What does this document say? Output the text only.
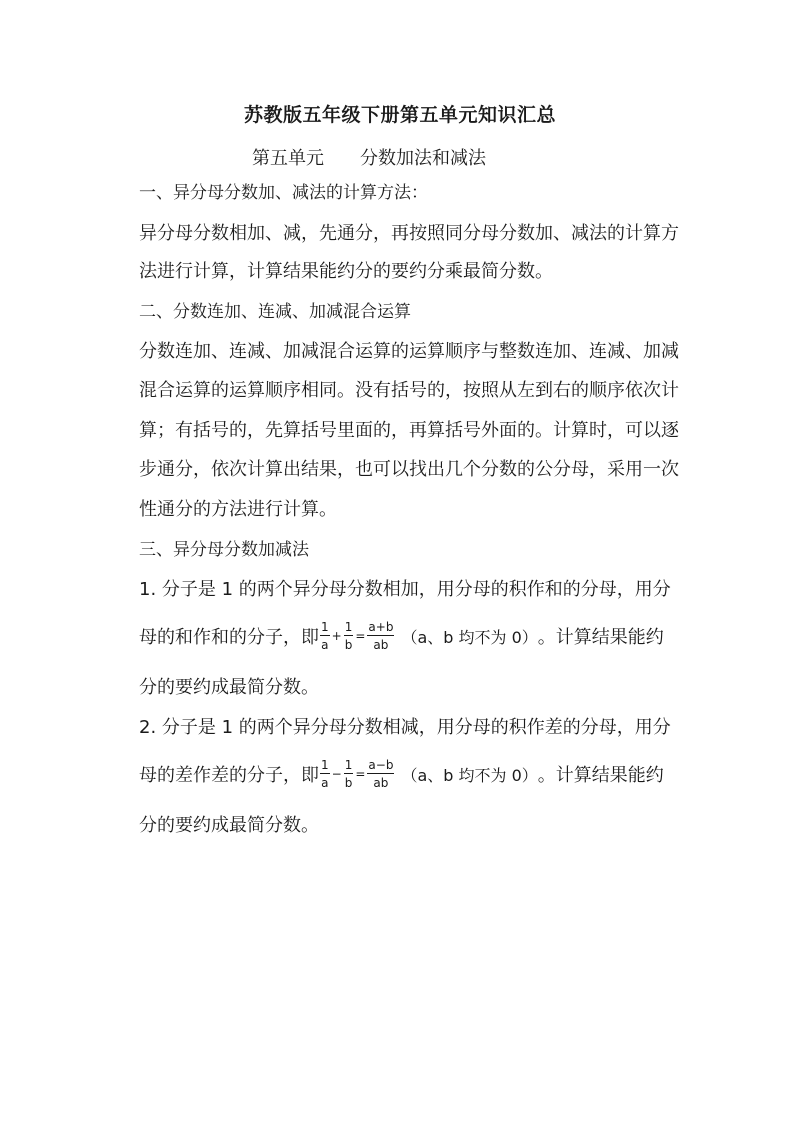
苏教版五年级下册第五单元知识汇总
第五单元　　分数加法和减法
一、异分母分数加、减法的计算方法：
异分母分数相加、减，先通分，再按照同分母分数加、减法的计算方
法进行计算，计算结果能约分的要约分乘最简分数。
二、分数连加、连减、加减混合运算
分数连加、连减、加减混合运算的运算顺序与整数连加、连减、加减
混合运算的运算顺序相同。没有括号的，按照从左到右的顺序依次计
算；有括号的，先算括号里面的，再算括号外面的。计算时，可以逐
步通分，依次计算出结果，也可以找出几个分数的公分母，采用一次
性通分的方法进行计算。
三、异分母分数加减法
1. 分子是 1 的两个异分母分数相加，用分母的积作和的分母，用分
母的和作和的分子，即 $\frac{1}{a} + \frac{1}{b} = \frac{a+b}{ab} (a$、b 均不为 0） 。计算结果能约
分的要约成最简分数。
2. 分子是 1 的两个异分母分数相减，用分母的积作差的分母，用分
母的差作差的分子，即 $\frac{1}{a} - \frac{1}{b} = \frac{a-b}{ab} (a$、b 均不为 0） 。计算结果能约
分的要约成最简分数。
